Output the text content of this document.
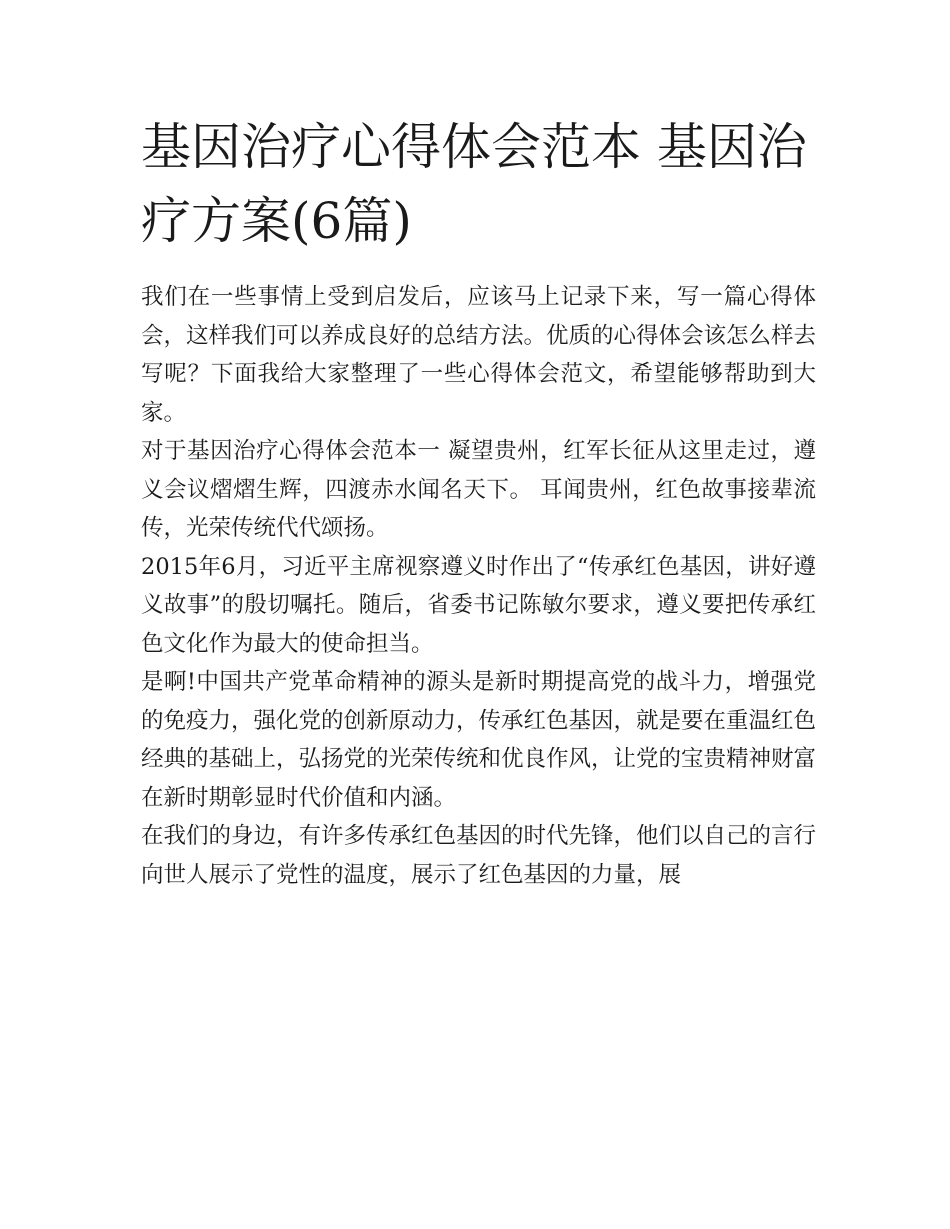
基因治疗心得体会范本 基因治疗方案(6篇)

我们在一些事情上受到启发后，应该马上记录下来，写一篇心得体会，这样我们可以养成良好的总结方法。优质的心得体会该怎么样去写呢？下面我给大家整理了一些心得体会范文，希望能够帮助到大家。

对于基因治疗心得体会范本一 凝望贵州，红军长征从这里走过，遵义会议熠熠生辉，四渡赤水闻名天下。 耳闻贵州，红色故事接辈流传，光荣传统代代颂扬。

2015年6月，习近平主席视察遵义时作出了“传承红色基因，讲好遵义故事”的殷切嘱托。随后，省委书记陈敏尔要求，遵义要把传承红色文化作为最大的使命担当。

是啊!中国共产党革命精神的源头是新时期提高党的战斗力，增强党的免疫力，强化党的创新原动力，传承红色基因，就是要在重温红色经典的基础上，弘扬党的光荣传统和优良作风，让党的宝贵精神财富在新时期彰显时代价值和内涵。

在我们的身边，有许多传承红色基因的时代先锋，他们以自己的言行向世人展示了党性的温度，展示了红色基因的力量，展
